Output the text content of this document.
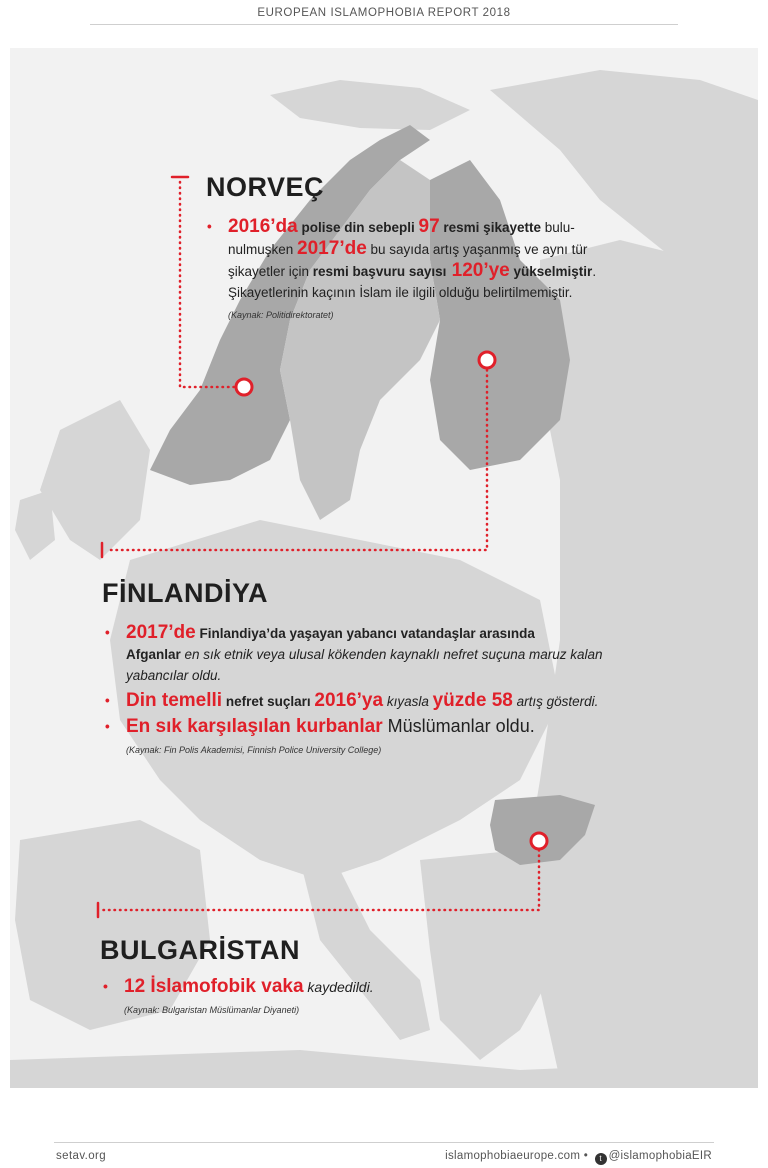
EUROPEAN ISLAMOPHOBIA REPORT 2018
NORVEÇ
• 2016’da polise din sebepli 97 resmi şikayette bulu-
nulmuşken 2017’de bu sayıda artış yaşanmış ve aynı tür
şikayetler için resmi başvuru sayısı 120’ye yükselmiştir.
Şikayetlerinin kaçının İslam ile ilgili olduğu belirtilmemiştir.
(Kaynak: Politidirektoratet)
FİNLANDİYA
• 2017’de Finlandiya’da yaşayan yabancı vatandaşlar arasında
Afganlar en sık etnik veya ulusal kökenden kaynaklı nefret suçuna maruz kalan
yabancılar oldu.
• Din temelli nefret suçları 2016’ya kıyasla yüzde 58 artış gösterdi.
• En sık karşılaşılan kurbanlar Müslümanlar oldu.
(Kaynak: Fin Polis Akademisi, Finnish Police University College)
BULGARİSTAN
• 12 İslamofobik vaka kaydedildi.
(Kaynak: Bulgaristan Müslümanlar Diyaneti)
setav.org	islamophobiaeurope.com • t @islamophobiaEIR
